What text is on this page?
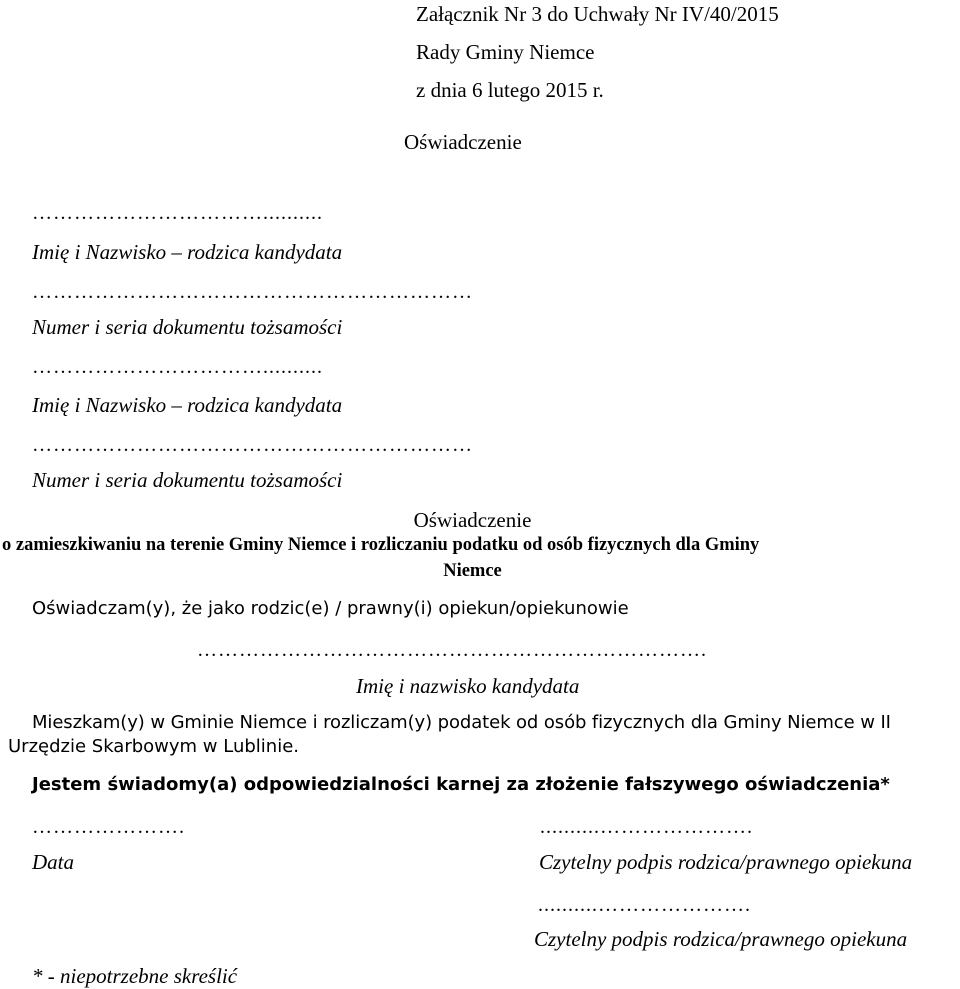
Załącznik Nr 3 do Uchwały Nr IV/40/2015
Rady Gminy Niemce
z dnia 6 lutego 2015 r.
Oświadczenie
……………………………..........
Imię i Nazwisko – rodzica kandydata
………………………………………………………
Numer i seria dokumentu tożsamości
……………………………..........
Imię i Nazwisko – rodzica kandydata
………………………………………………………
Numer i seria dokumentu tożsamości
Oświadczenie
o zamieszkiwaniu na terenie Gminy Niemce i rozliczaniu podatku od osób fizycznych dla Gminy
Niemce
Oświadczam(y), że jako rodzic(e) / prawny(i) opiekun/opiekunowie
……………………………………………………………….
Imię i nazwisko kandydata
Mieszkam(y) w Gminie Niemce i rozliczam(y) podatek od osób fizycznych dla Gminy Niemce w II
Urzędzie Skarbowym w Lublinie.
Jestem świadomy(a) odpowiedzialności karnej za złożenie fałszywego oświadczenia*
………………….
Data
..........………………….
Czytelny podpis rodzica/prawnego opiekuna
..........………………….
Czytelny podpis rodzica/prawnego opiekuna
* - niepotrzebne skreślić
